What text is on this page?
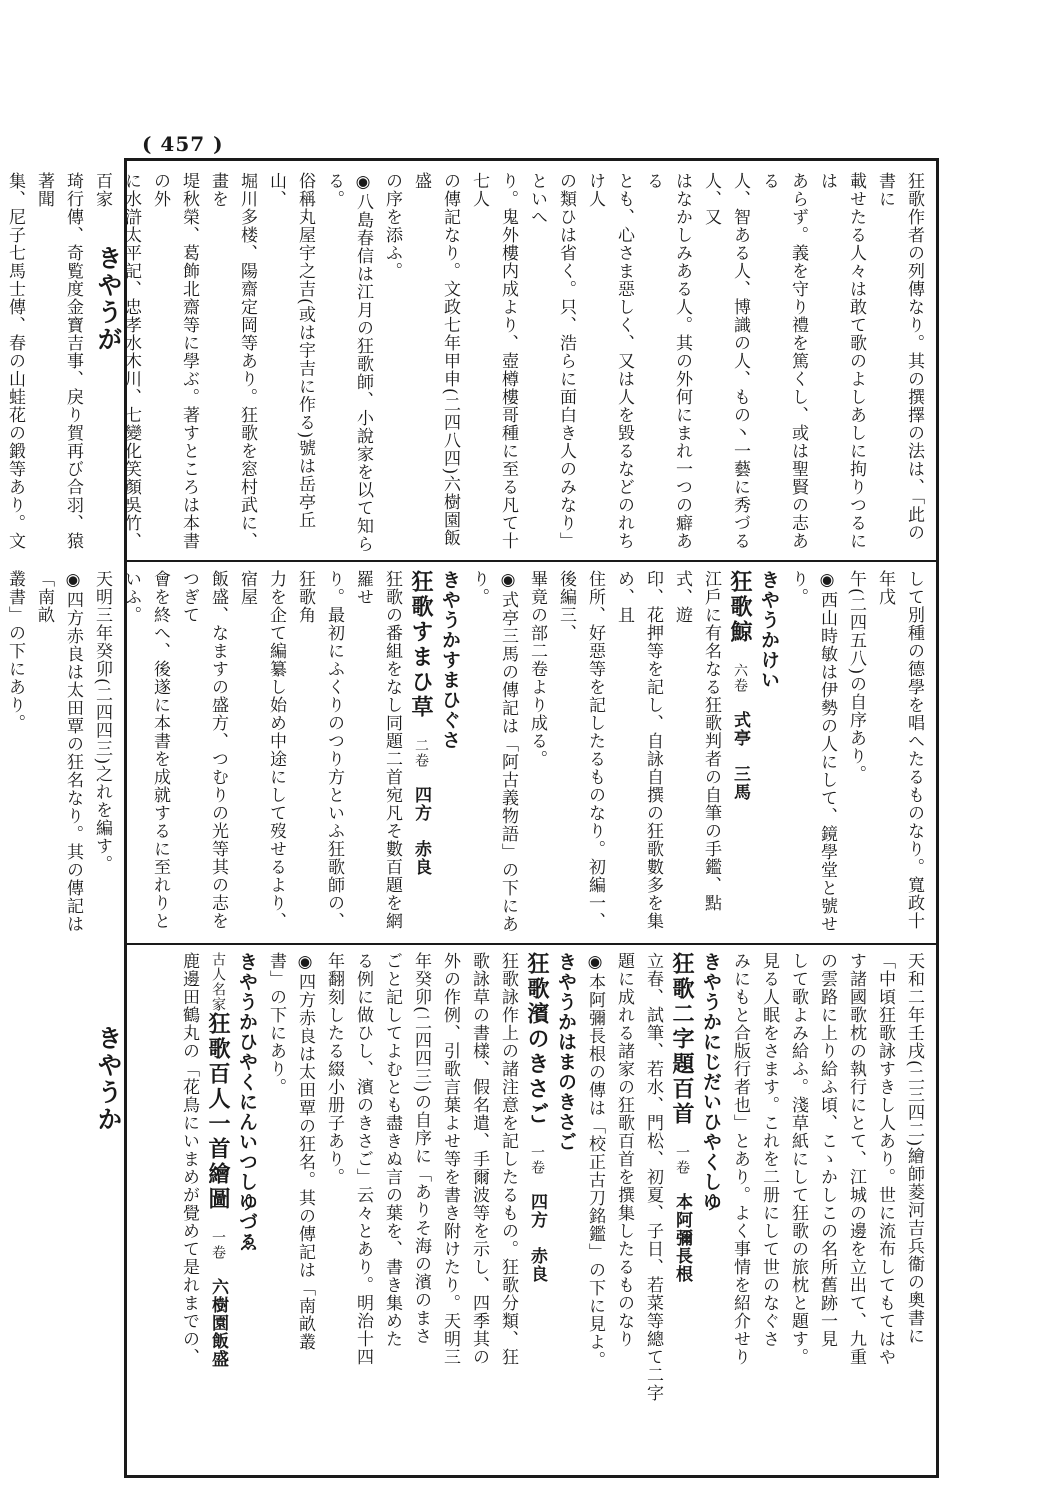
( 457 )
きやうが
きやうか

狂歌作者の列傳なり。其の撰擇の法は、「此の書に

載せたる人々は敢て歌のよしあしに拘りつるには

あらず。義を守り禮を篤くし、或は聖賢の志ある

人、智ある人、博識の人、もの丶一藝に秀づる人、又

はなかしみある人。其の外何にまれ一つの癖ある

とも、心さま惡しく、又は人を毀るなどのれちけ人

の類ひは省く。只、浩らに面白き人のみなり」といへ

り。鬼外樓内成より、壺樽樓哥種に至る凡て十七人

の傳記なり。文政七年甲申(二四八四)六樹園飯盛

の序を添ふ。

◉八島春信は江月の狂歌師、小說家を以て知らる。

俗稱丸屋宇之吉(或は宇吉に作る)號は岳亭丘山、

堀川多楼、陽齋定岡等あり。狂歌を窓村武に、畫を

堤秋榮、葛飾北齋等に學ぶ。著すところは本書の外

に水滸太平記、忠孝水木川、七變化笑顏吳竹、百家

琦行傳、奇覧度金寶吉事、戾り賀再び合羽、猿著聞

集、尼子七馬士傳、春の山蛙花の鍛等あり。文

して別種の德學を唱へたるものなり。寬政十年戊

午(二四五八)の自序あり。

◉西山時敏は伊勢の人にして、鏡學堂と號せり。

きやうかけい

狂歌鯨　六卷　式亭　三馬

江戶に有名なる狂歌判者の自筆の手鑑、點式、遊

印、花押等を記し、自詠自撰の狂歌數多を集め、且

住所、好惡等を記したるものなり。初編一、後編三、

畢竟の部二卷より成る。

◉式亭三馬の傳記は「阿古義物語」の下にあり。

きやうかすまひぐさ

狂歌すまひ草　二卷　四方　赤良

狂歌の番組をなし同題二首宛凡そ數百題を網羅せ

り。最初にふくりのつり方といふ狂歌師の、狂歌角

力を企て編纂し始め中途にして歿せるより、宿屋

飯盛、なますの盛方、つむりの光等其の志をつぎて

會を終へ、後遂に本書を成就するに至れりといふ。

天明三年癸卯(二四四三)之れを編す。

◉四方赤良は太田覃の狂名なり。其の傳記は「南畝

叢書」の下にあり。

天和二年壬戌(二三四二)繪師菱河吉兵衞の奧書に

「中頃狂歌詠すきし人あり。世に流布してもてはや

す諸國歌枕の執行にとて、江城の邊を立出て、九重

の雲路に上り給ふ頃、こゝかしこの名所舊跡一見

して歌よみ給ふ。淺草紙にして狂歌の旅枕と題す。

見る人眠をさます。これを二册にして世のなぐさ

みにもと合版行者也」とあり。よく事情を紹介せり

きやうかにじだいひやくしゆ

狂歌二字題百首　一卷　本阿彌長根

立春、試筆、若水、門松、初夏、子日、若菜等總て二字

題に成れる諸家の狂歌百首を撰集したるものなり

◉本阿彌長根の傳は「校正古刀銘鑑」の下に見よ。

きやうかはまのきさご

狂歌濱のきさご　一卷　四方　赤良

狂歌詠作上の諸注意を記したるもの。狂歌分類、狂

歌詠草の書樣、假名遣、手爾波等を示し、四季其の

外の作例、引歌言葉よせ等を書き附けたり。天明三

年癸卯(二四四三)の自序に「ありそ海の濱のまさ

ごと記してよむとも盡きぬ言の葉を、書き集めた

る例に做ひし、濱のきさご」云々とあり。明治十四

年翻刻したる綴小册子あり。

◉四方赤良は太田覃の狂名。其の傳記は「南畝叢

書」の下にあり。

きやうかひやくにんいつしゆづゑ

古人名家狂歌百人一首繪圖　一卷　六樹園飯盛

鹿邊田鶴丸の「花鳥にいまめが覺めて是れまでの、
